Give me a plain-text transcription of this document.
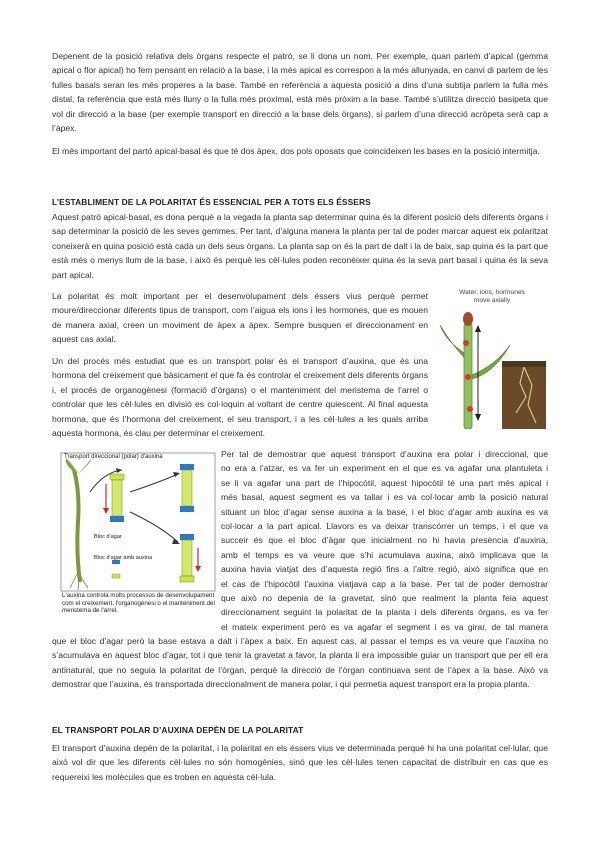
Depenent de la posició relativa dels òrgans respecte el patró, se li dona un nom. Per exemple, quan parlem d’apical (gemma apical o flor apical) ho fem pensant en relació a la base, i la més apical es correspon a la més allunyada, en canvi di parlem de les fulles basals seran les més properes a la base. També en referència a aquesta posició a dins d’una subtija parlem la fulla més distal, fa referència que està més lluny o la fulla més proximal, està més pròxim a la base. També s’utilitza direcció basipeta que vol dir direcció a la base (per exemple transport en direcció a la base dels òrgans), si parlem d’una direcció acròpeta serà cap a l’àpex.

El més important del partó apical-basal és que té dos àpex, dos pols oposats que coincideixen les bases en la posició intermitja.

L’ESTABLIMENT DE LA POLARITAT ÉS ESSENCIAL PER A TOTS ELS ÉSSERS

Aquest patró apical-basal, es dona perquè a la vegada la planta sap determinar quina és la diferent posició dels diferents òrgans i sap determinar la posició de les seves gemmes. Per tant, d’alguna manera la planta per tal de poder marcar aquest eix polaritzat coneixerà en quina posició està cada un dels seus òrgans. La planta sap on és la part de dalt i la de baix, sap quina és la part que està més o menys llum de la base, i això és perquè les cèl·lules poden reconèixer quina és la seva part basal i quina és la seva part apical.

La polaritat és molt important per el desenvolupament dels éssers vius perquè permet moure/direccionar diferents tipus de transport, com l’aigua els ions i les hormones, que es mouen de manera axial, creen un moviment de àpex a àpex. Sempre busquen el direccionament en aquest cas axial.

Un del procés més estudiat que es un transport polar és el transport d’auxina, que és una hormona del creixement que bàsicament el que fa és controlar el creixement dels diferents òrgans i, el procés de organogènesi (formació d’òrgans) o el manteniment del meristema de l’arrel o controlar que les cèl·lules en divisió es col·loquin al voltant de centre quiescent. Al final aquesta hormona, que és l’hormona del creixement, el seu transport, i a les cèl·lules a les quals arriba aquesta hormona, és clau per determinar el creixement.

Water, ions, hormones
move axially
Transport direccional (polar) d'auxina
Bloc d'agar
Bloc d'agar amb auxina
L'auxina controla molts processos de desenvolupament com el creixement, l'organogènesi o el manteniment del meristema de l'arrel.
Per tal de demostrar que aquest transport d’auxina era polar i direccional, que
no era a l’atzar, es va fer un experiment en el que es va agafar una plantuleta i
se li va agafar una part de l’hipocòtil, aquest hipocòtil té una part més apical i
més basal, aquest segment es va tallar i es va col·locar amb la posició natural
situant un bloc d’agar sense auxina a la base, i el bloc d’agar amb auxina es va
col·locar a la part apical. Llavors es va deixar transcórrer un temps, i el que va
succeir és que el bloc d’àgar que inicialment no hi havia presència d’auxina,
amb el temps es va veure que s’hi acumulava auxina, això implicava que la
auxina havia viatjat des d’aquesta regió fins a l’altre regió, això significa que en
el cas de l’hipocòtil l’auxina viatjava cap a la base. Per tal de poder demostrar
que això no depenia de la gravetat, sinó que realment la planta feia aquest
direccionament seguint la polaritat de la planta i dels diferents òrgans, es va fer
el mateix experiment però es va agafar el segment i es va girar, de tal manera

que el bloc d’agar però la base estava a dalt i l’àpex a baix. En aquest cas, al passar el temps es va veure que l’auxina no s’acumulava en aquest bloc d’agar, tot i que tenir la gravetat a favor, la planta li era impossible guiar un transport que per ell era antinatural, que no seguia la polaritat de l’òrgan, perquè la direcció de l’òrgan continuava sent de l’àpex a la base. Això va demostrar que l’auxina, és transportada direccionalment de manera polar, i qui permetia aquest transport era la propia planta.

EL TRANSPORT POLAR D’AUXINA DEPÈN DE LA POLARITAT

El transport d’auxina depèn de la polaritat, i la polaritat en els éssers vius ve determinada perquè hi ha una polaritat cel·lular, que això vol dir que les diferents cèl·lules no són homogènies, sinó que les cèl·lules tenen capacitat de distribuir en cas que es requereixi les molècules que es troben en aquesta cèl·lula.
